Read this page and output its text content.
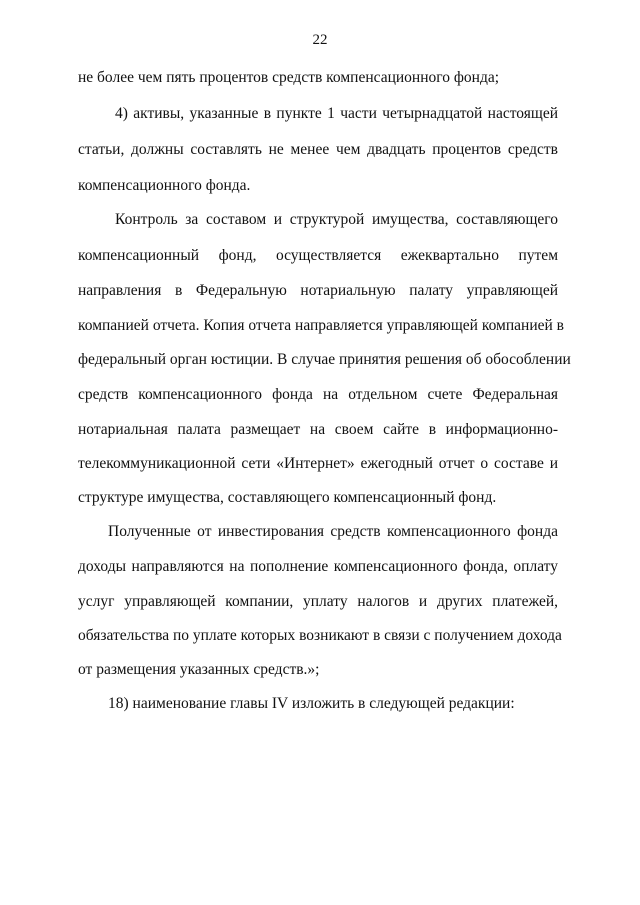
22
не более чем пять процентов средств компенсационного фонда;
4) активы, указанные в пункте 1 части четырнадцатой настоящей
статьи, должны составлять не менее чем двадцать процентов средств
компенсационного фонда.
Контроль за составом и структурой имущества, составляющего
компенсационный фонд, осуществляется ежеквартально путем
направления в Федеральную нотариальную палату управляющей
компанией отчета. Копия отчета направляется управляющей компанией в
федеральный орган юстиции. В случае принятия решения об обособлении
средств компенсационного фонда на отдельном счете Федеральная
нотариальная палата размещает на своем сайте в информационно-
телекоммуникационной сети «Интернет» ежегодный отчет о составе и
структуре имущества, составляющего компенсационный фонд.
Полученные от инвестирования средств компенсационного фонда
доходы направляются на пополнение компенсационного фонда, оплату
услуг управляющей компании, уплату налогов и других платежей,
обязательства по уплате которых возникают в связи с получением дохода
от размещения указанных средств.»;
18) наименование главы IV изложить в следующей редакции:
